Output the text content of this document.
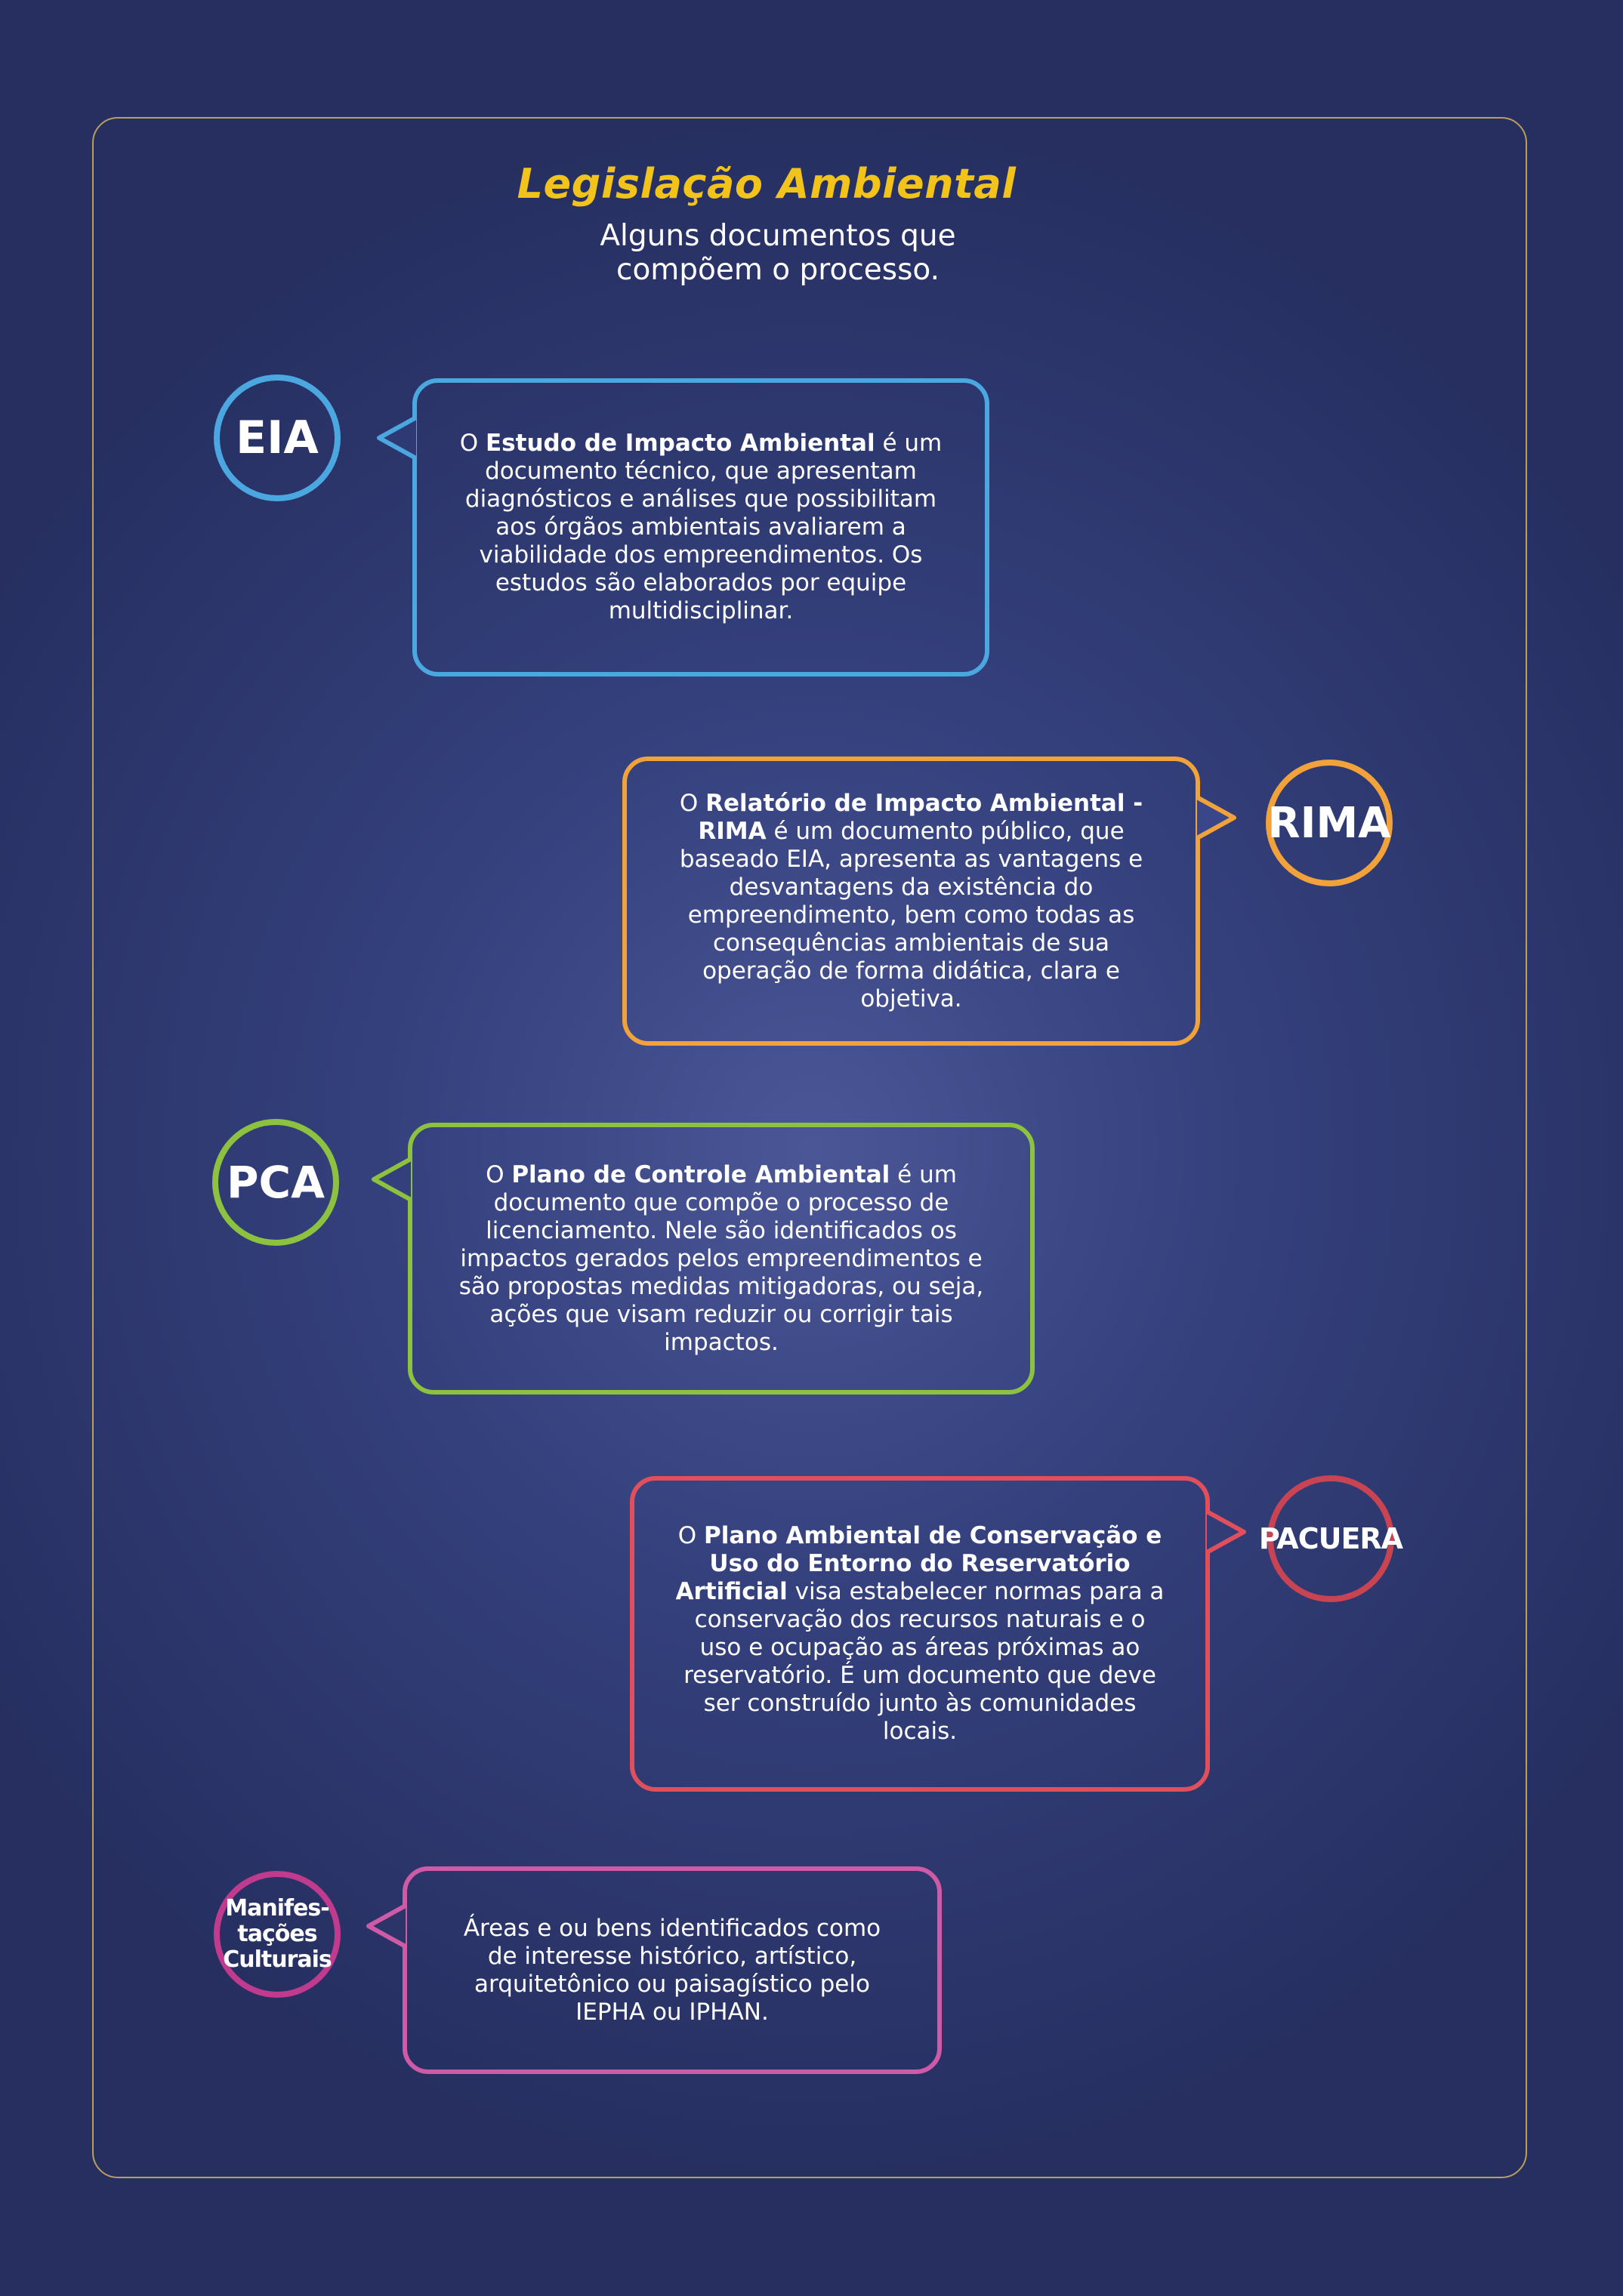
Legislação Ambiental
Alguns documentos que
compõem o processo.
EIA	O Estudo de Impacto Ambiental é um documento técnico, que apresentam diagnósticos e análises que possibilitam aos órgãos ambientais avaliarem a viabilidade dos empreendimentos. Os estudos são elaborados por equipe multidisciplinar.

RIMA

O Relatório de Impacto Ambiental - RIMA é um documento público, que baseado EIA, apresenta as vantagens e desvantagens da existência do empreendimento, bem como todas as consequências ambientais de sua operação de forma didática, clara e objetiva.

PCA	O Plano de Controle Ambiental é um documento que compõe o processo de licenciamento. Nele são identificados os impactos gerados pelos empreendimentos e são propostas medidas mitigadoras, ou seja, ações que visam reduzir ou corrigir tais impactos.

PACUERA

O Plano Ambiental de Conservação e Uso do Entorno do Reservatório Artificial visa estabelecer normas para a conservação dos recursos naturais e o uso e ocupação as áreas próximas ao reservatório. É um documento que deve ser construído junto às comunidades locais.

Manifes-
tações
Culturais

Áreas e ou bens identificados como de interesse histórico, artístico, arquitetônico ou paisagístico pelo IEPHA ou IPHAN.
